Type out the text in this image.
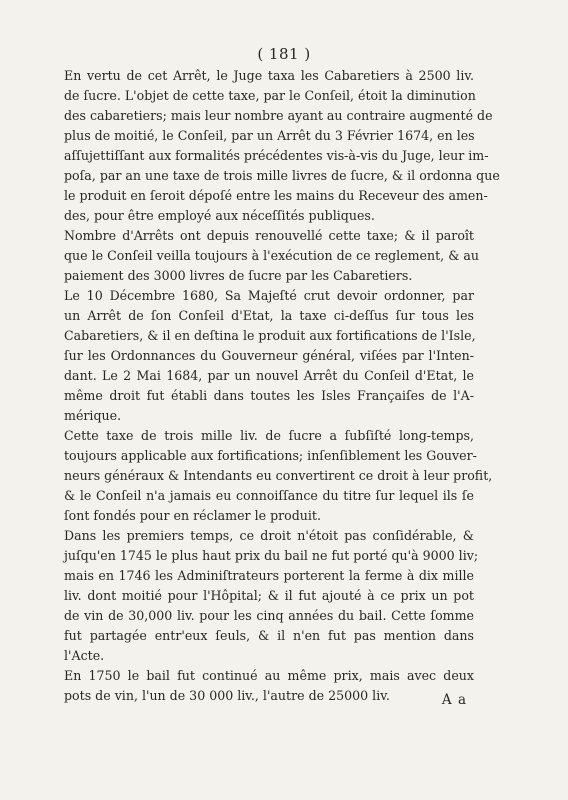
( 181 )

En vertu de cet Arrêt, le Juge taxa les Cabaretiers à 2500 liv.
de ſucre. L'objet de cette taxe, par le Conſeil, étoit la diminution
des cabaretiers; mais leur nombre ayant au contraire augmenté de
plus de moitié, le Conſeil, par un Arrêt du 3 Février 1674, en les
aſſujettiſſant aux formalités précédentes vis-à-vis du Juge, leur im-
poſa, par an une taxe de trois mille livres de ſucre, & il ordonna que
le produit en ſeroit dépoſé entre les mains du Receveur des amen-
des, pour être employé aux néceſſités publiques.

Nombre d'Arrêts ont depuis renouvellé cette taxe; & il paroît
que le Conſeil veilla toujours à l'exécution de ce reglement, & au
paiement des 3000 livres de ſucre par les Cabaretiers.

Le 10 Décembre 1680, Sa Majeſté crut devoir ordonner, par
un Arrêt de ſon Conſeil d'Etat, la taxe ci-deſſus ſur tous les
Cabaretiers, & il en deſtina le produit aux fortifications de l'Isle,
ſur les Ordonnances du Gouverneur général, viſées par l'Inten-
dant. Le 2 Mai 1684, par un nouvel Arrêt du Conſeil d'Etat, le
même droit fut établi dans toutes les Isles Françaiſes de l'A-
mérique.

Cette taxe de trois mille liv. de ſucre a ſubſiſté long-temps,
toujours applicable aux fortifications; inſenſiblement les Gouver-
neurs généraux & Intendants eu convertirent ce droit à leur profit,
& le Conſeil n'a jamais eu connoiſſance du titre ſur lequel ils ſe
ſont fondés pour en réclamer le produit.

Dans les premiers temps, ce droit n'étoit pas conſidérable, &
juſqu'en 1745 le plus haut prix du bail ne fut porté qu'à 9000 liv;
mais en 1746 les Adminiſtrateurs porterent la ferme à dix mille
liv. dont moitié pour l'Hôpital; & il fut ajouté à ce prix un pot
de vin de 30,000 liv. pour les cinq années du bail. Cette ſomme
fut partagée entr'eux ſeuls, & il n'en fut pas mention dans
l'Acte.

En 1750 le bail fut continué au même prix, mais avec deux
pots de vin, l'un de 30 000 liv., l'autre de 25000 liv.	A a
